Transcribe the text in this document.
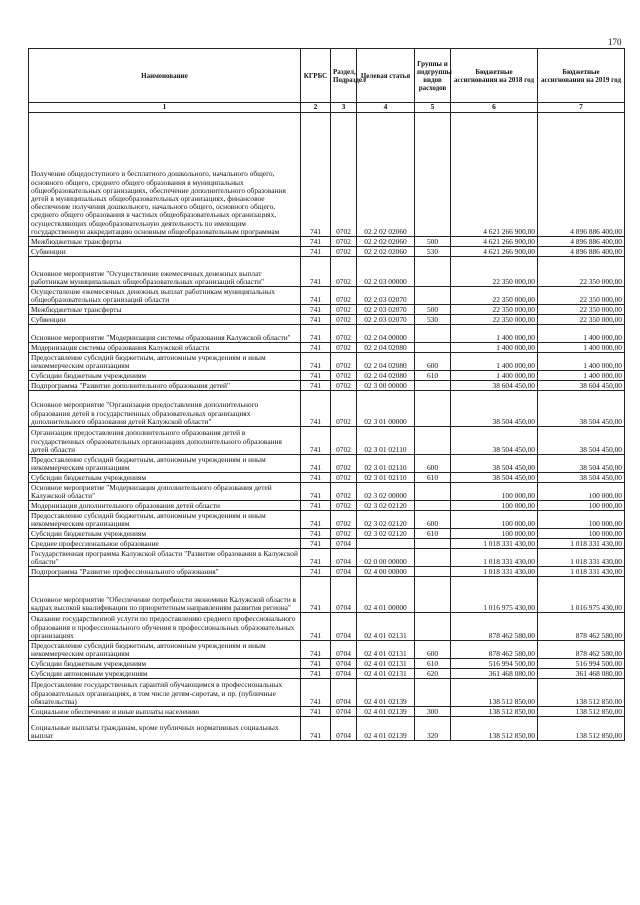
170
Наименование	КГРБС	Раздел, Подраздел	Целевая статья	Группы и подгруппы видов расходов	Бюджетные ассигнования на 2018 год	Бюджетные ассигнования на 2019 год
1	2	3	4	5	6	7
Получение общедоступного и бесплатного дошкольного, начального общего, основного общего, среднего общего образования в муниципальных общеобразовательных организациях, обеспечение дополнительного образования детей в муниципальных общеобразовательных организациях, финансовое обеспечение получения дошкольного, начального общего, основного общего, среднего общего образования в частных общеобразовательных организациях, осуществляющих общеобразовательную деятельность по имеющим государственную аккредитацию основным общеобразовательным программам	741	0702	02 2 02 02060		4 621 266 900,00	4 896 886 400,00
Межбюджетные трансферты	741	0702	02 2 02 02060	500	4 621 266 900,00	4 896 886 400,00
Субвенции	741	0702	02 2 02 02060	530	4 621 266 900,00	4 896 886 400,00
Основное мероприятие "Осуществление ежемесячных денежных выплат работникам муниципальных общеобразовательных организаций области"	741	0702	02 2 03 00000		22 350 000,00	22 350 000,00
Осуществление ежемесячных денежных выплат работникам муниципальных общеобразовательных организаций области	741	0702	02 2 03 02070		22 350 000,00	22 350 000,00
Межбюджетные трансферты	741	0702	02 2 03 02070	500	22 350 000,00	22 350 000,00
Субвенции	741	0702	02 2 03 02070	530	22 350 000,00	22 350 000,00
Основное мероприятие "Модернизация системы образования Калужской области"	741	0702	02 2 04 00000		1 400 000,00	1 400 000,00
Модернизация системы образования Калужской области	741	0702	02 2 04 02080		1 400 000,00	1 400 000,00
Предоставление субсидий бюджетным, автономным учреждениям и иным некоммерческим организациям	741	0702	02 2 04 02080	600	1 400 000,00	1 400 000,00
Субсидии бюджетным учреждениям	741	0702	02 2 04 02080	610	1 400 000,00	1 400 000,00
Подпрограмма "Развитие дополнительного образования детей"	741	0702	02 3 00 00000		38 604 450,00	38 604 450,00
Основное мероприятие "Организация предоставления дополнительного образования детей в государственных образовательных организациях дополнительного образования детей Калужской области"	741	0702	02 3 01 00000		38 504 450,00	38 504 450,00
Организация предоставления дополнительного образования детей в государственных образовательных организациях дополнительного образования детей области	741	0702	02 3 01 02110		38 504 450,00	38 504 450,00
Предоставление субсидий бюджетным, автономным учреждениям и иным некоммерческим организациям	741	0702	02 3 01 02110	600	38 504 450,00	38 504 450,00
Субсидии бюджетным учреждениям	741	0702	02 3 01 02110	610	38 504 450,00	38 504 450,00
Основное мероприятие "Модернизация дополнительного образования детей Калужской области"	741	0702	02 3 02 00000		100 000,00	100 000,00
Модернизация дополнительного образования детей области	741	0702	02 3 02 02120		100 000,00	100 000,00
Предоставление субсидий бюджетным, автономным учреждениям и иным некоммерческим организациям	741	0702	02 3 02 02120	600	100 000,00	100 000,00
Субсидии бюджетным учреждениям	741	0702	02 3 02 02120	610	100 000,00	100 000,00
Среднее профессиональное образование	741	0704			1 018 331 430,00	1 018 331 430,00
Государственная программа Калужской области "Развитие образования в Калужской области"	741	0704	02 0 00 00000		1 018 331 430,00	1 018 331 430,00
Подпрограмма "Развитие профессионального образования"	741	0704	02 4 00 00000		1 018 331 430,00	1 018 331 430,00
Основное мероприятие "Обеспечение потребности экономики Калужской области в кадрах высокой квалификации по приоритетным направлениям развития региона"	741	0704	02 4 01 00000		1 016 975 430,00	1 016 975 430,00
Оказание государственной услуги по предоставлению среднего профессионального образования и профессионального обучения в профессиональных образовательных организациях	741	0704	02 4 01 02131		878 462 580,00	878 462 580,00
Предоставление субсидий бюджетным, автономным учреждениям и иным некоммерческим организациям	741	0704	02 4 01 02131	600	878 462 580,00	878 462 580,00
Субсидии бюджетным учреждениям	741	0704	02 4 01 02131	610	516 994 500,00	516 994 500,00
Субсидии автономным учреждениям	741	0704	02 4 01 02131	620	361 468 080,00	361 468 080,00
Предоставление государственных гарантий обучающимся в профессиональных образовательных организациях, в том числе детям-сиротам, и пр. (публичные обязательства)	741	0704	02 4 01 02139		138 512 850,00	138 512 850,00
Социальное обеспечение и иные выплаты населению	741	0704	02 4 01 02139	300	138 512 850,00	138 512 850,00
Социальные выплаты гражданам, кроме публичных нормативных социальных выплат	741	0704	02 4 01 02139	320	138 512 850,00	138 512 850,00
